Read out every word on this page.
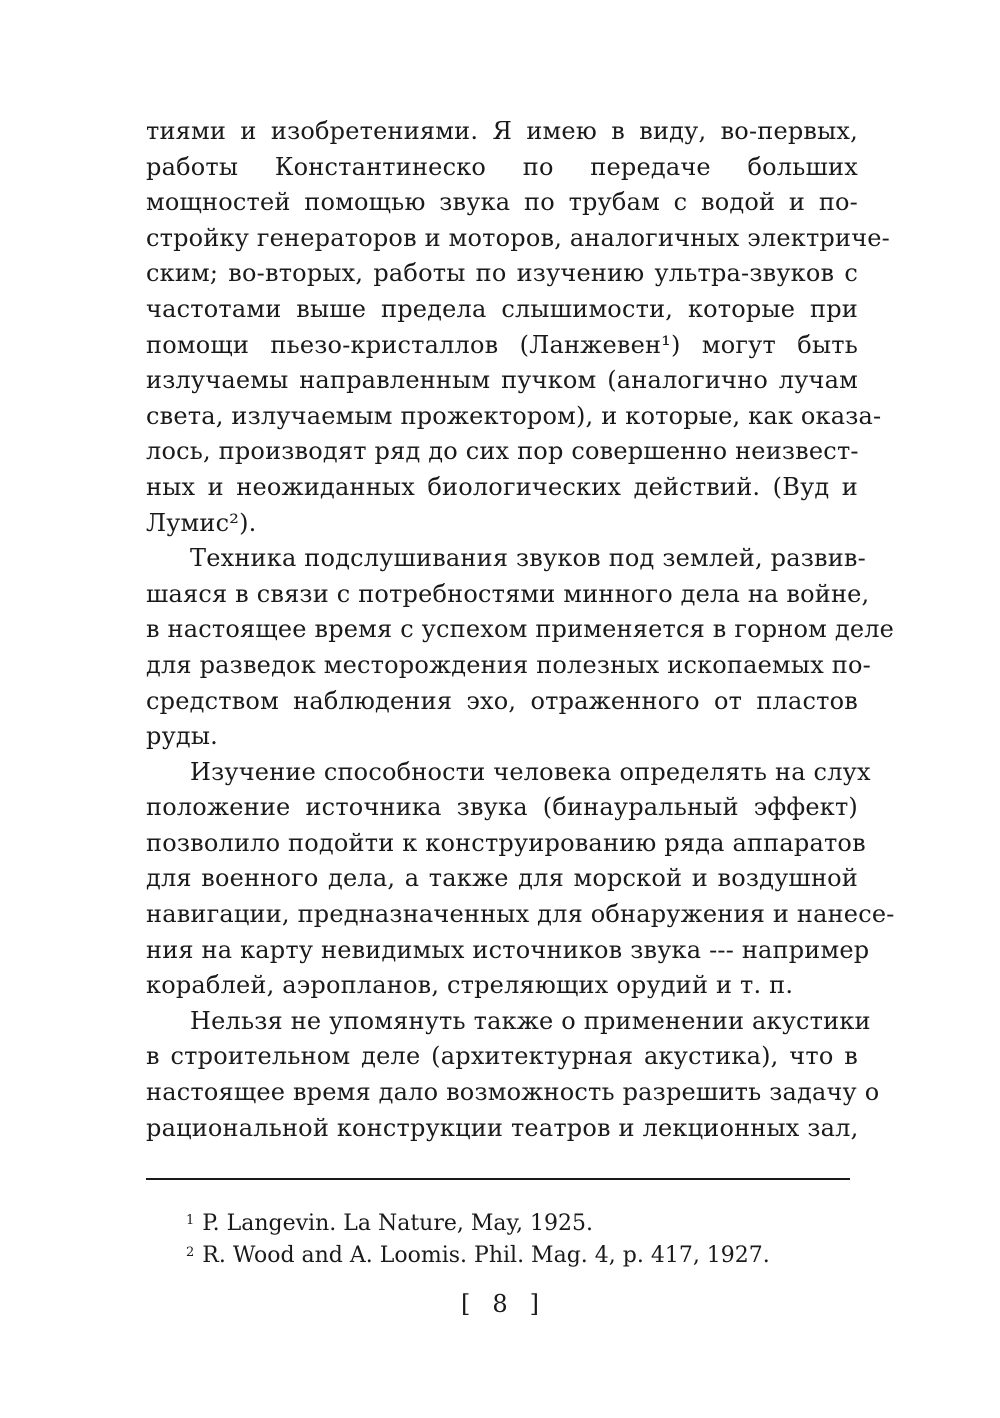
тиями и изобретениями. Я имею в виду, во-первых,
работы Константинеско по передаче больших
мощностей помощью звука по трубам с водой и по-
стройку генераторов и моторов, аналогичных электриче-
ским; во-вторых, работы по изучению ультра-звуков с
частотами выше предела слышимости, которые при
помощи пьезо-кристаллов (Ланжевен¹) могут быть
излучаемы направленным пучком (аналогично лучам
света, излучаемым прожектором), и которые, как оказа-
лось, производят ряд до сих пор совершенно неизвест-
ных и неожиданных биологических действий. (Вуд и
Лумис²).
Техника подслушивания звуков под землей, развив-
шаяся в связи с потребностями минного дела на войне,
в настоящее время с успехом применяется в горном деле
для разведок месторождения полезных ископаемых по-
средством наблюдения эхо, отраженного от пластов
руды.
Изучение способности человека определять на слух
положение источника звука (бинауральный эффект)
позволило подойти к конструированию ряда аппаратов
для военного дела, а также для морской и воздушной
навигации, предназначенных для обнаружения и нанесе-
ния на карту невидимых источников звука --- например
кораблей, аэропланов, стреляющих орудий и т. п.
Нельзя не упомянуть также о применении акустики
в строительном деле (архитектурная акустика), что в
настоящее время дало возможность разрешить задачу о
рациональной конструкции театров и лекционных зал,
$^1$ P. Langevin. La Nature, May, 1925.
$^2$ R. Wood and A. Loomis. Phil. Mag. 4, p. 417, 1927.
[ 8 ]
